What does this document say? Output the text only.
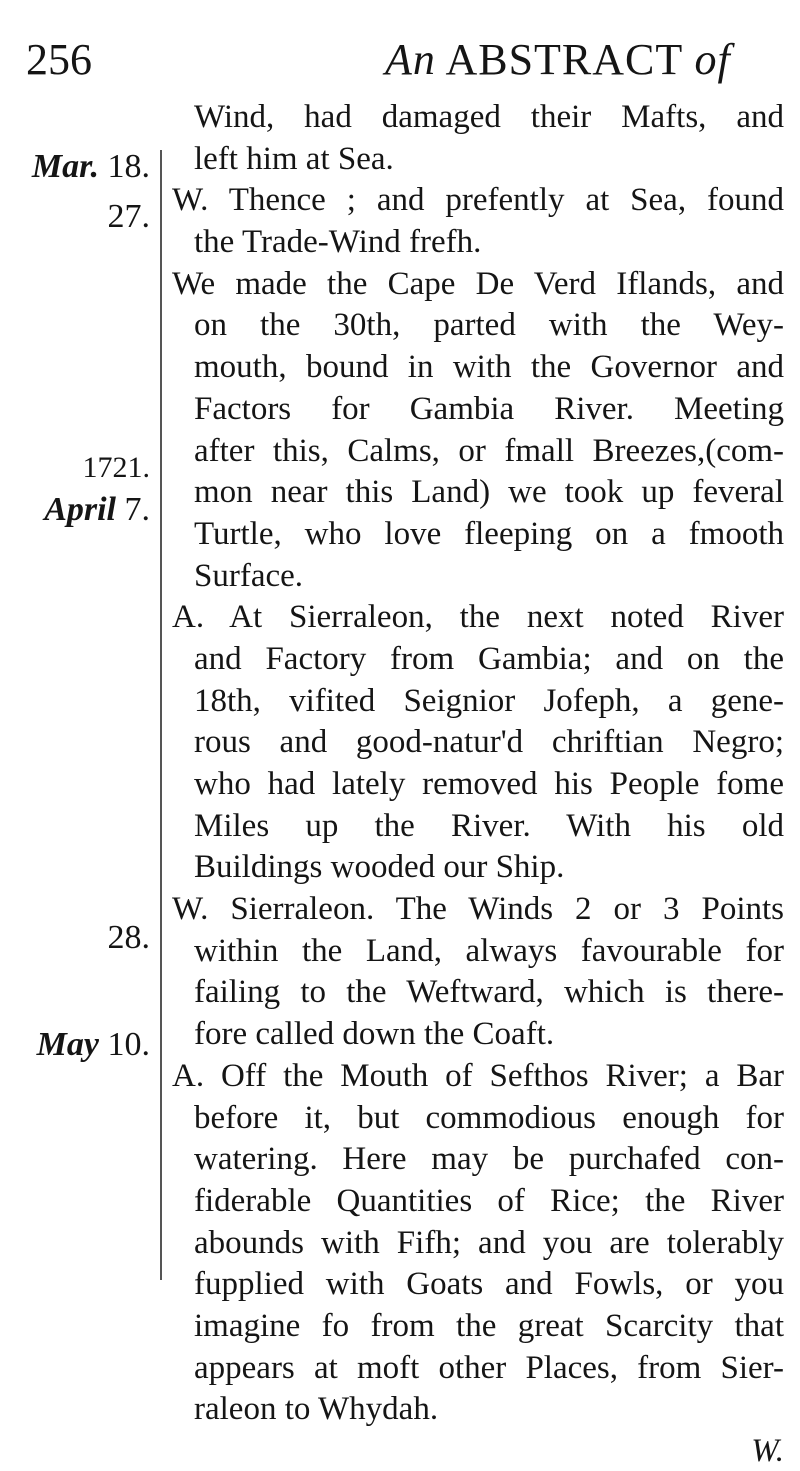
256	An ABSTRACT of
Mar. 18.
27.
1721.
April 7.
28.
May 10.
Wind, had damaged their Mafts, and
left him at Sea.
W. Thence ; and prefently at Sea, found
the Trade-Wind frefh.
We made the Cape De Verd Iflands, and
on the 30th, parted with the Wey-
mouth, bound in with the Governor and
Factors for Gambia River. Meeting
after this, Calms, or fmall Breezes,(com-
mon near this Land) we took up feveral
Turtle, who love fleeping on a fmooth
Surface.
A. At Sierraleon, the next noted River
and Factory from Gambia; and on the
18th, vifited Seignior Jofeph, a gene-
rous and good-natur'd chriftian Negro;
who had lately removed his People fome
Miles up the River. With his old
Buildings wooded our Ship.
W. Sierraleon. The Winds 2 or 3 Points
within the Land, always favourable for
failing to the Weftward, which is there-
fore called down the Coaft.
A. Off the Mouth of Sefthos River; a Bar
before it, but commodious enough for
watering. Here may be purchafed con-
fiderable Quantities of Rice; the River
abounds with Fifh; and you are tolerably
fupplied with Goats and Fowls, or you
imagine fo from the great Scarcity that
appears at moft other Places, from Sier-
raleon to Whydah.
W.
